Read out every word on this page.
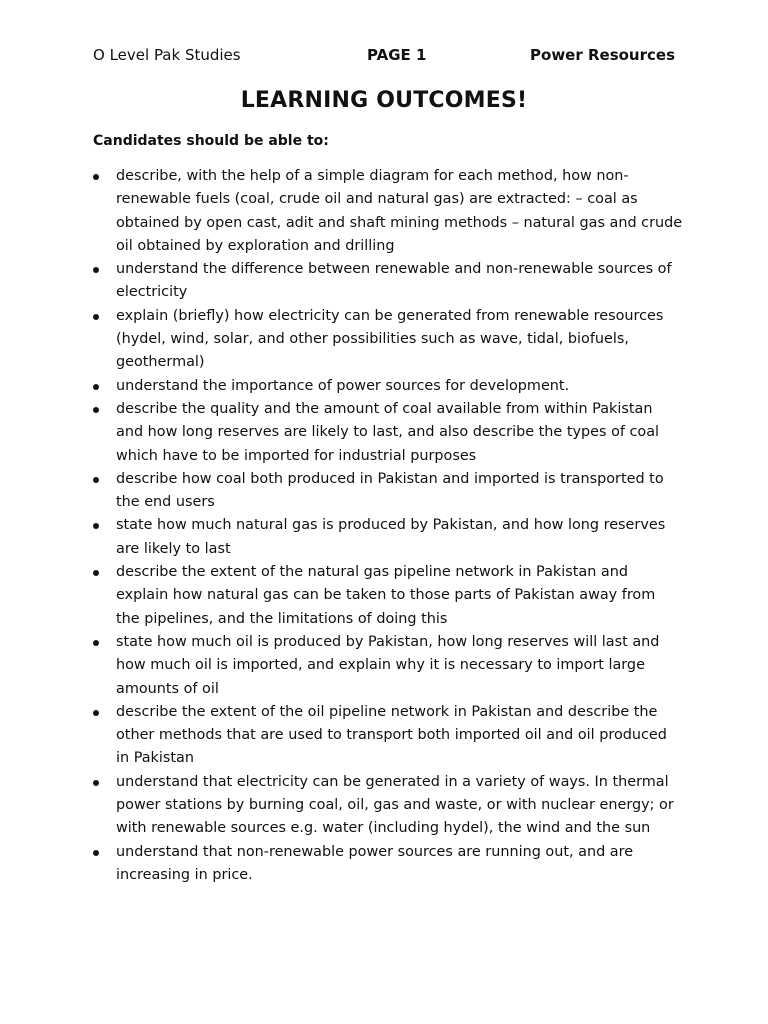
O Level Pak Studies	PAGE 1	Power Resources
LEARNING OUTCOMES!
Candidates should be able to:
describe, with the help of a simple diagram for each method, how non-renewable fuels (coal, crude oil and natural gas) are extracted: – coal as obtained by open cast, adit and shaft mining methods – natural gas and crude oil obtained by exploration and drilling
understand the difference between renewable and non-renewable sources of electricity
explain (briefly) how electricity can be generated from renewable resources (hydel, wind, solar, and other possibilities such as wave, tidal, biofuels, geothermal)
understand the importance of power sources for development.
describe the quality and the amount of coal available from within Pakistan and how long reserves are likely to last, and also describe the types of coal which have to be imported for industrial purposes
describe how coal both produced in Pakistan and imported is transported to the end users
state how much natural gas is produced by Pakistan, and how long reserves are likely to last
describe the extent of the natural gas pipeline network in Pakistan and explain how natural gas can be taken to those parts of Pakistan away from the pipelines, and the limitations of doing this
state how much oil is produced by Pakistan, how long reserves will last and how much oil is imported, and explain why it is necessary to import large amounts of oil
describe the extent of the oil pipeline network in Pakistan and describe the other methods that are used to transport both imported oil and oil produced in Pakistan
understand that electricity can be generated in a variety of ways. In thermal power stations by burning coal, oil, gas and waste, or with nuclear energy; or with renewable sources e.g. water (including hydel), the wind and the sun
understand that non-renewable power sources are running out, and are increasing in price.
